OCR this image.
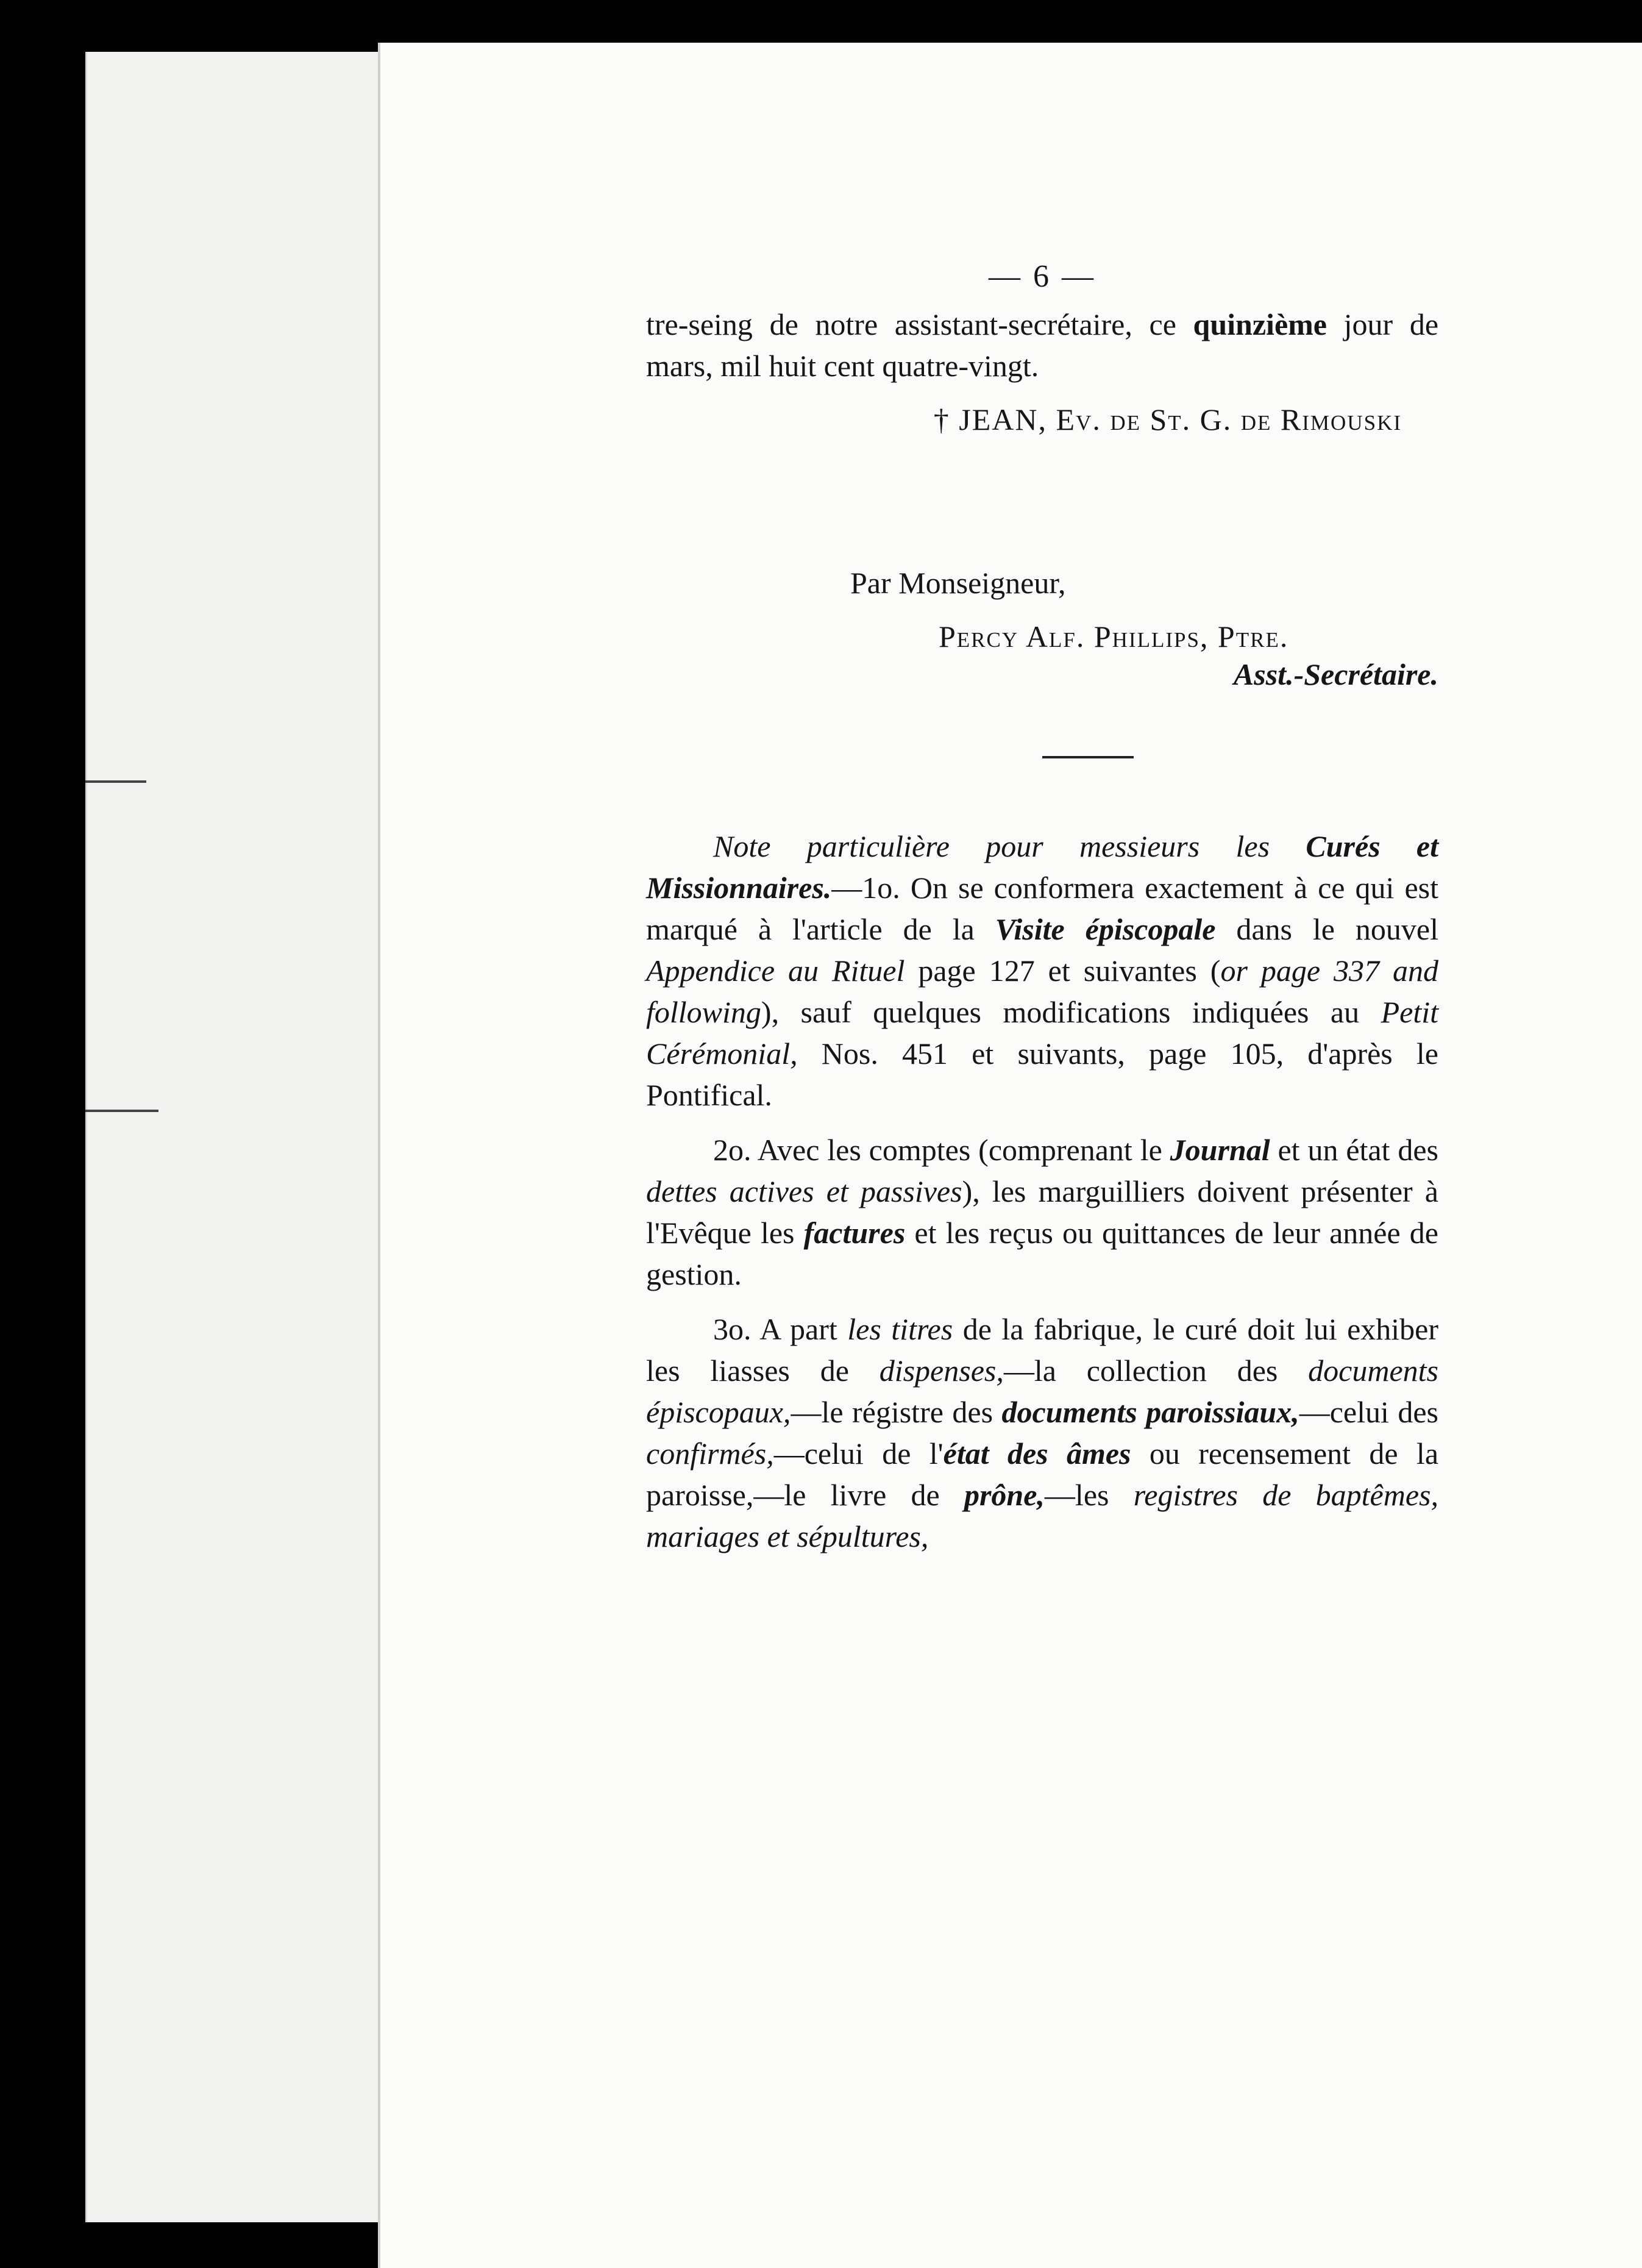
— 6 —

tre-seing de notre assistant-secrétaire, ce quinzième jour de mars, mil huit cent quatre-vingt.

† JEAN, Ev. de St. G. de Rimouski
Par Monseigneur,
Percy Alf. Phillips, Ptre.
Asst.-Secrétaire.

Note particulière pour messieurs les Curés et Missionnaires.—1o. On se conformera exactement à ce qui est marqué à l'article de la Visite épiscopale dans le nouvel Appendice au Rituel page 127 et suivantes (or page 337 and following), sauf quelques modifications indiquées au Petit Cérémonial, Nos. 451 et suivants, page 105, d'après le Pontifical.

2o. Avec les comptes (comprenant le Journal et un état des dettes actives et passives), les marguilliers doivent présenter à l'Evêque les factures et les reçus ou quittances de leur année de gestion.

3o. A part les titres de la fabrique, le curé doit lui exhiber les liasses de dispenses,—la collection des documents épiscopaux,—le régistre des documents paroissiaux,—celui des confirmés,—celui de l'état des âmes ou recensement de la paroisse,—le livre de prône,—les registres de baptêmes, mariages et sépultures,
